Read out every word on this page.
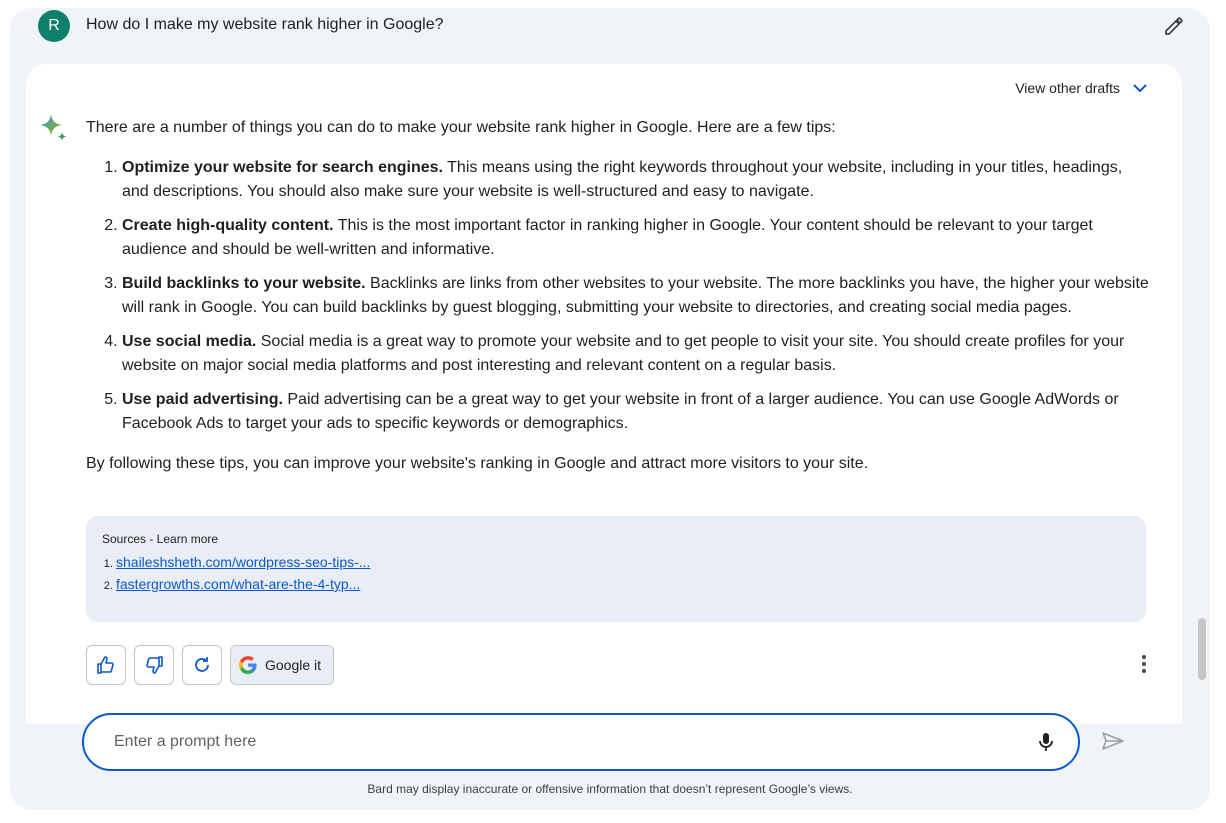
R	How do I make my website rank higher in Google?
View other drafts

There are a number of things you can do to make your website rank higher in Google. Here are a few tips:

1. Optimize your website for search engines. This means using the right keywords throughout your website, including in your titles, headings, and descriptions. You should also make sure your website is well-structured and easy to navigate.
2. Create high-quality content. This is the most important factor in ranking higher in Google. Your content should be relevant to your target audience and should be well-written and informative.
3. Build backlinks to your website. Backlinks are links from other websites to your website. The more backlinks you have, the higher your website will rank in Google. You can build backlinks by guest blogging, submitting your website to directories, and creating social media pages.
4. Use social media. Social media is a great way to promote your website and to get people to visit your site. You should create profiles for your website on major social media platforms and post interesting and relevant content on a regular basis.
5. Use paid advertising. Paid advertising can be a great way to get your website in front of a larger audience. You can use Google AdWords or Facebook Ads to target your ads to specific keywords or demographics.

By following these tips, you can improve your website's ranking in Google and attract more visitors to your site.

Sources - Learn more
1. shaileshsheth.com/wordpress-seo-tips-...
2. fastergrowths.com/what-are-the-4-typ...
Google it
Enter a prompt here
Bard may display inaccurate or offensive information that doesn’t represent Google’s views.
